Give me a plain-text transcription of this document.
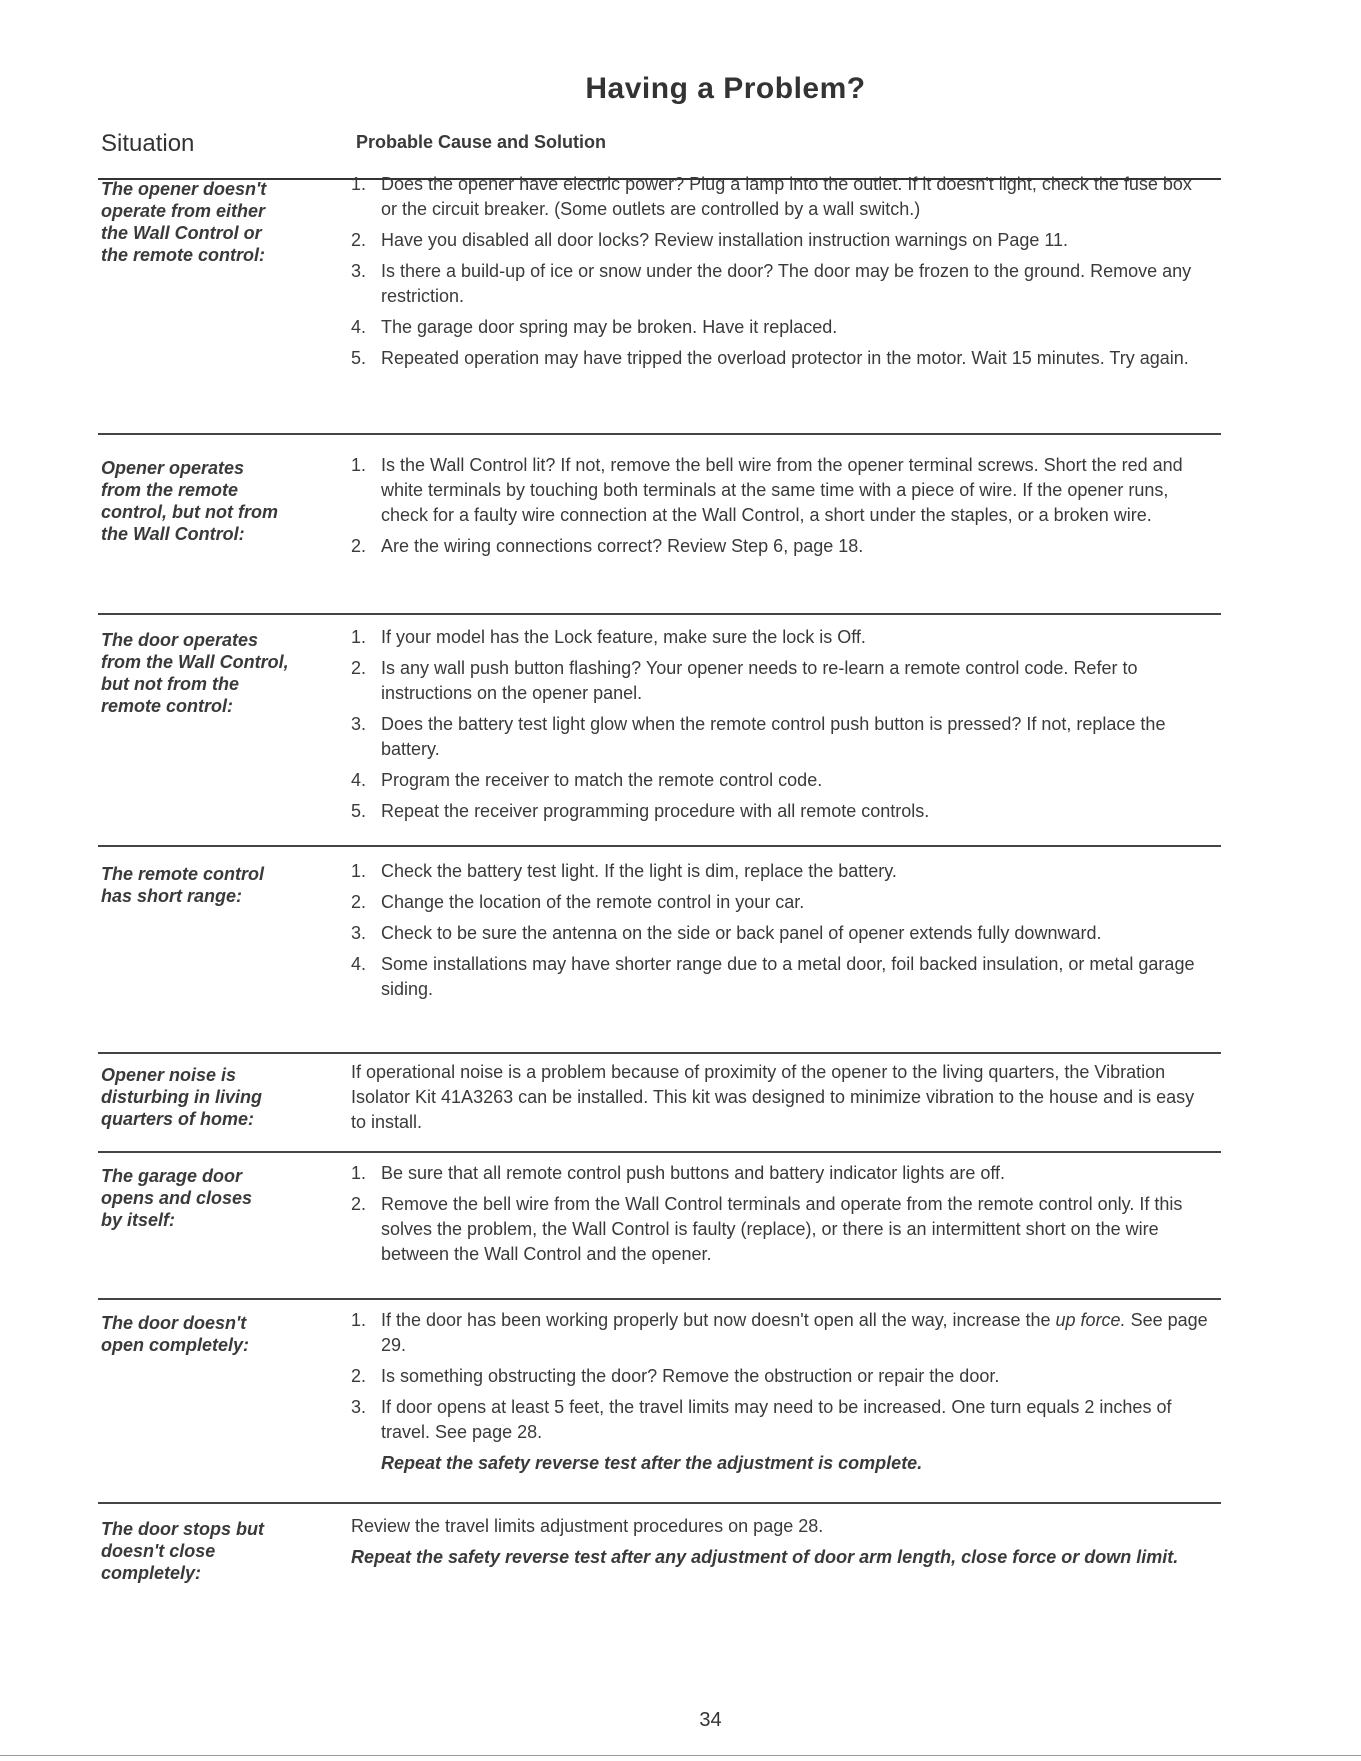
Having a Problem?
Situation	Probable Cause and Solution
The opener doesn't
operate from either
the Wall Control or
the remote control:
1. Does the opener have electric power? Plug a lamp into the outlet. If it doesn't light, check the fuse box or the circuit breaker. (Some outlets are controlled by a wall switch.)
2. Have you disabled all door locks? Review installation instruction warnings on Page 11.
3. Is there a build-up of ice or snow under the door? The door may be frozen to the ground. Remove any restriction.
4. The garage door spring may be broken. Have it replaced.
5. Repeated operation may have tripped the overload protector in the motor. Wait 15 minutes. Try again.
Opener operates
from the remote
control, but not from
the Wall Control:
1. Is the Wall Control lit? If not, remove the bell wire from the opener terminal screws. Short the red and white terminals by touching both terminals at the same time with a piece of wire. If the opener runs, check for a faulty wire connection at the Wall Control, a short under the staples, or a broken wire.
2. Are the wiring connections correct? Review Step 6, page 18.
The door operates
from the Wall Control,
but not from the
remote control:
1. If your model has the Lock feature, make sure the lock is Off.
2. Is any wall push button flashing? Your opener needs to re-learn a remote control code. Refer to instructions on the opener panel.
3. Does the battery test light glow when the remote control push button is pressed? If not, replace the battery.
4. Program the receiver to match the remote control code.
5. Repeat the receiver programming procedure with all remote controls.
The remote control
has short range:
1. Check the battery test light. If the light is dim, replace the battery.
2. Change the location of the remote control in your car.
3. Check to be sure the antenna on the side or back panel of opener extends fully downward.
4. Some installations may have shorter range due to a metal door, foil backed insulation, or metal garage siding.
Opener noise is
disturbing in living
quarters of home:
If operational noise is a problem because of proximity of the opener to the living quarters, the Vibration Isolator Kit 41A3263 can be installed. This kit was designed to minimize vibration to the house and is easy to install.
The garage door
opens and closes
by itself:
1. Be sure that all remote control push buttons and battery indicator lights are off.
2. Remove the bell wire from the Wall Control terminals and operate from the remote control only. If this solves the problem, the Wall Control is faulty (replace), or there is an intermittent short on the wire between the Wall Control and the opener.
The door doesn't
open completely:
1. If the door has been working properly but now doesn't open all the way, increase the up force. See page 29.
2. Is something obstructing the door? Remove the obstruction or repair the door.
3. If door opens at least 5 feet, the travel limits may need to be increased. One turn equals 2 inches of travel. See page 28.
Repeat the safety reverse test after the adjustment is complete.
The door stops but
doesn't close
completely:
Review the travel limits adjustment procedures on page 28.
Repeat the safety reverse test after any adjustment of door arm length, close force or down limit.
34
